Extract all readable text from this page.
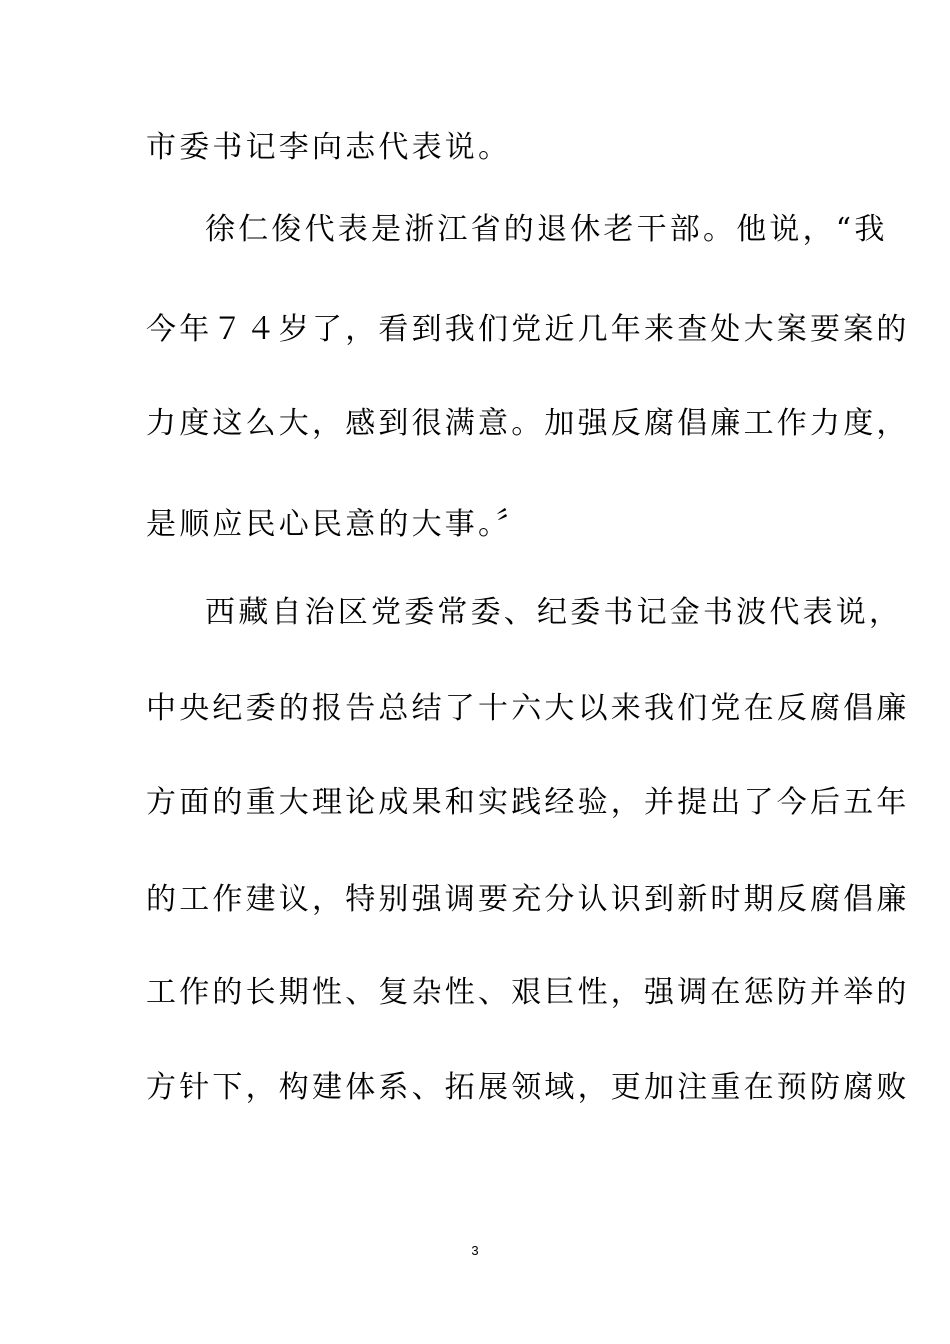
市委书记李向志代表说。
徐仁俊代表是浙江省的退休老干部。他说，“我
今年７４岁了，看到我们党近几年来查处大案要案的
力度这么大，感到很满意。加强反腐倡廉工作力度，
是顺应民心民意的大事。〞
西藏自治区党委常委、纪委书记金书波代表说，
中央纪委的报告总结了十六大以来我们党在反腐倡廉
方面的重大理论成果和实践经验，并提出了今后五年
的工作建议，特别强调要充分认识到新时期反腐倡廉
工作的长期性、复杂性、艰巨性，强调在惩防并举的
方针下，构建体系、拓展领域，更加注重在预防腐败
3
